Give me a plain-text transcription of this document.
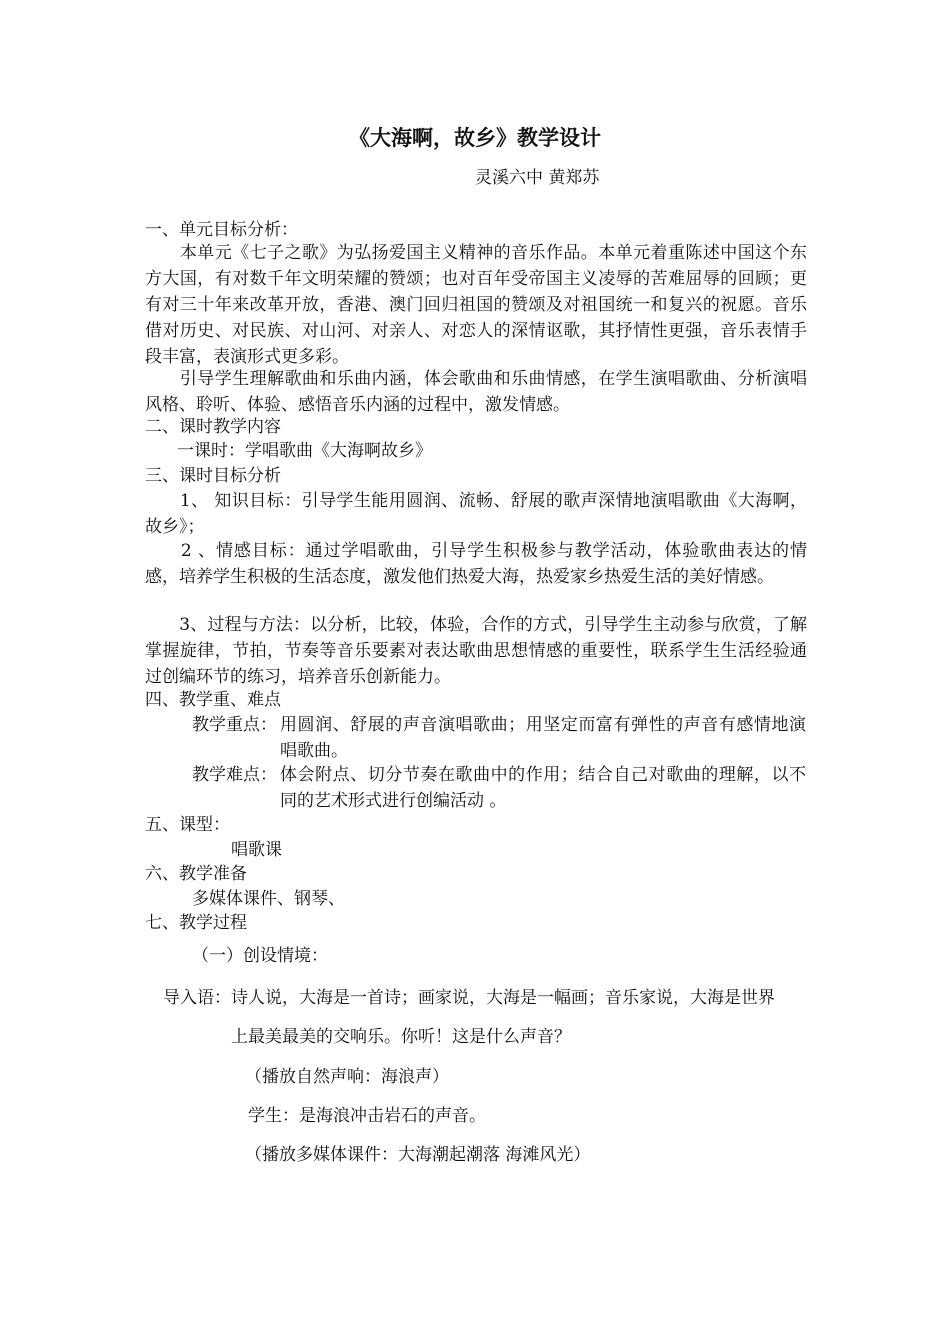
《大海啊，故乡》教学设计
灵溪六中 黄郑苏
一、单元目标分析：
　　本单元《七子之歌》为弘扬爱国主义精神的音乐作品。本单元着重陈述中国这个东方大国，有对数千年文明荣耀的赞颂；也对百年受帝国主义凌辱的苦难屈辱的回顾；更有对三十年来改革开放，香港、澳门回归祖国的赞颂及对祖国统一和复兴的祝愿。音乐借对历史、对民族、对山河、对亲人、对恋人的深情讴歌，其抒情性更强，音乐表情手段丰富，表演形式更多彩。
　　引导学生理解歌曲和乐曲内涵，体会歌曲和乐曲情感，在学生演唱歌曲、分析演唱风格、聆听、体验、感悟音乐内涵的过程中，激发情感。
二、课时教学内容
一课时：学唱歌曲《大海啊故乡》
三、课时目标分析
　　1、 知识目标：引导学生能用圆润、流畅、舒展的歌声深情地演唱歌曲《大海啊，故乡》；
　　2 、情感目标：通过学唱歌曲，引导学生积极参与教学活动，体验歌曲表达的情感，培养学生积极的生活态度，激发他们热爱大海，热爱家乡热爱生活的美好情感。
　　3、过程与方法：以分析，比较，体验，合作的方式，引导学生主动参与欣赏，了解掌握旋律，节拍，节奏等音乐要素对表达歌曲思想情感的重要性，联系学生生活经验通过创编环节的练习，培养音乐创新能力。
四、教学重、难点
教学重点： 用圆润、舒展的声音演唱歌曲；用坚定而富有弹性的声音有感情地演唱歌曲。
教学难点： 体会附点、切分节奏在歌曲中的作用；结合自己对歌曲的理解，以不同的艺术形式进行创编活动 。
五、课型：
唱歌课
六、教学准备
多媒体课件、钢琴、
七、教学过程
（一）创设情境：
导入语：诗人说，大海是一首诗；画家说，大海是一幅画；音乐家说，大海是世界
上最美最美的交响乐。你听！这是什么声音？
（播放自然声响：海浪声）
学生：是海浪冲击岩石的声音。
（播放多媒体课件：大海潮起潮落 海滩风光）
